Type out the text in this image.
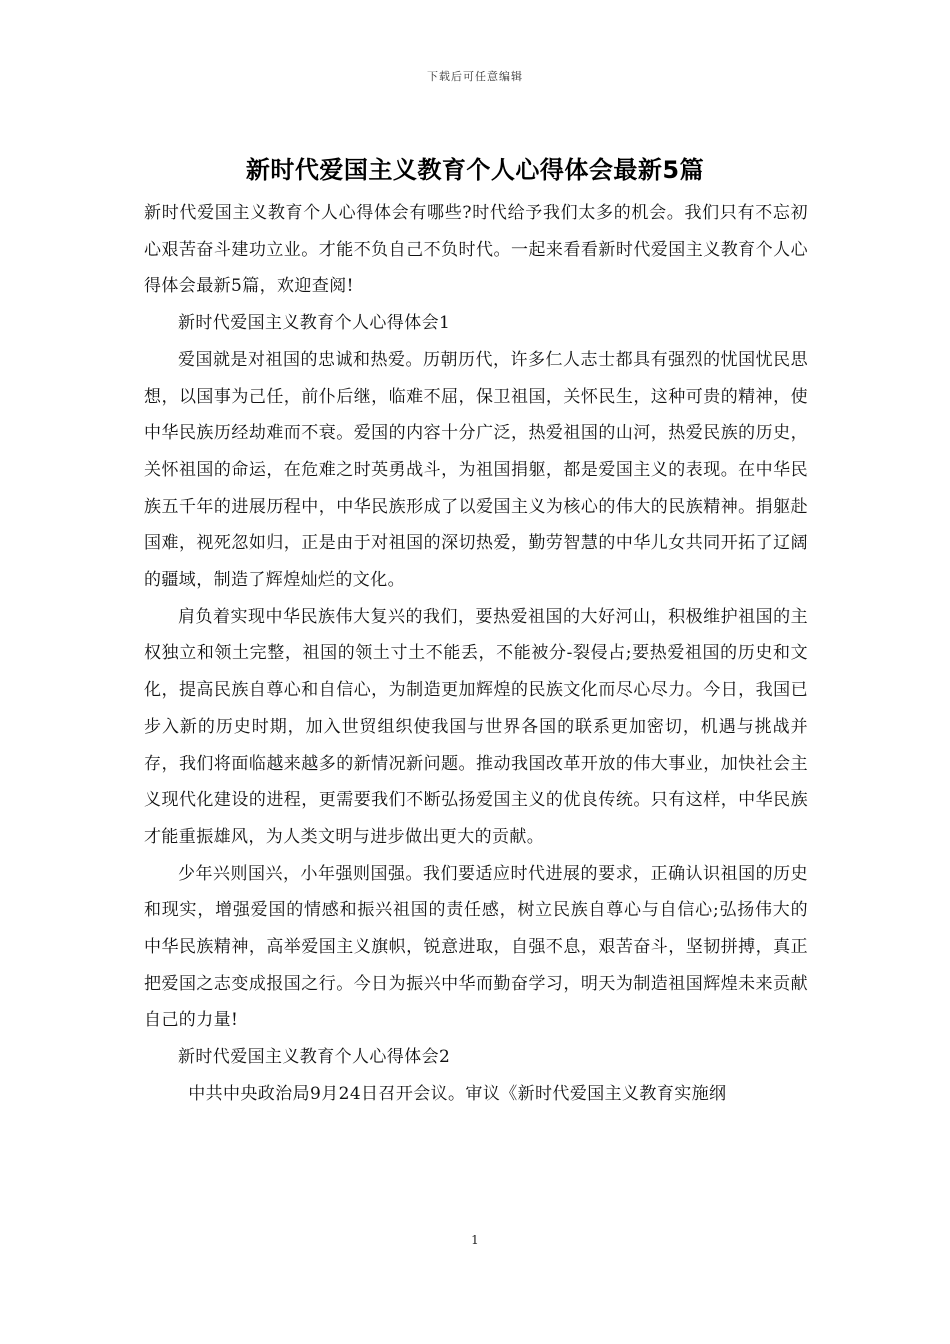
下载后可任意编辑
新时代爱国主义教育个人心得体会最新5篇

新时代爱国主义教育个人心得体会有哪些?时代给予我们太多的机会。我们只有不忘初心艰苦奋斗建功立业。才能不负自己不负时代。一起来看看新时代爱国主义教育个人心得体会最新5篇，欢迎查阅!

新时代爱国主义教育个人心得体会1

爱国就是对祖国的忠诚和热爱。历朝历代，许多仁人志士都具有强烈的忧国忧民思想，以国事为己任，前仆后继，临难不屈，保卫祖国，关怀民生，这种可贵的精神，使中华民族历经劫难而不衰。爱国的内容十分广泛，热爱祖国的山河，热爱民族的历史，关怀祖国的命运，在危难之时英勇战斗，为祖国捐躯，都是爱国主义的表现。在中华民族五千年的进展历程中，中华民族形成了以爱国主义为核心的伟大的民族精神。捐躯赴国难，视死忽如归，正是由于对祖国的深切热爱，勤劳智慧的中华儿女共同开拓了辽阔的疆域，制造了辉煌灿烂的文化。

肩负着实现中华民族伟大复兴的我们，要热爱祖国的大好河山，积极维护祖国的主权独立和领土完整，祖国的领土寸土不能丢，不能被分-裂侵占;要热爱祖国的历史和文化，提高民族自尊心和自信心，为制造更加辉煌的民族文化而尽心尽力。今日，我国已步入新的历史时期，加入世贸组织使我国与世界各国的联系更加密切，机遇与挑战并存，我们将面临越来越多的新情况新问题。推动我国改革开放的伟大事业，加快社会主义现代化建设的进程，更需要我们不断弘扬爱国主义的优良传统。只有这样，中华民族才能重振雄风，为人类文明与进步做出更大的贡献。

少年兴则国兴，小年强则国强。我们要适应时代进展的要求，正确认识祖国的历史和现实，增强爱国的情感和振兴祖国的责任感，树立民族自尊心与自信心;弘扬伟大的中华民族精神，高举爱国主义旗帜，锐意进取，自强不息，艰苦奋斗，坚韧拼搏，真正把爱国之志变成报国之行。今日为振兴中华而勤奋学习，明天为制造祖国辉煌未来贡献自己的力量!

新时代爱国主义教育个人心得体会2

中共中央政治局9月24日召开会议。审议《新时代爱国主义教育实施纲

1
